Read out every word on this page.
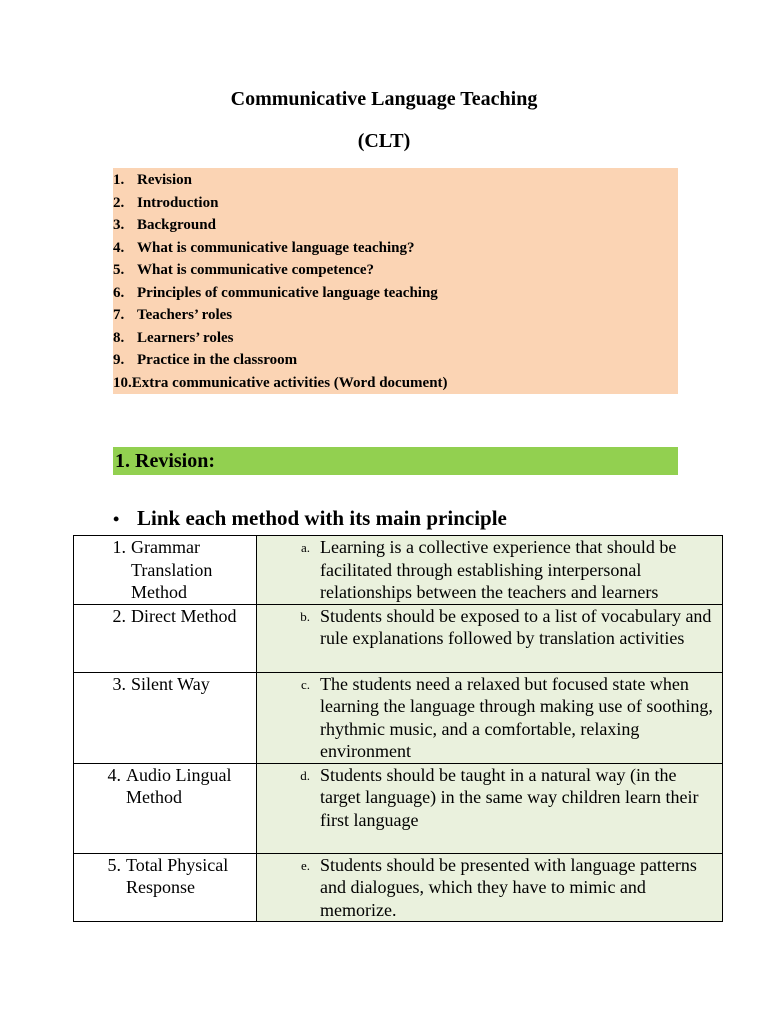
Communicative Language Teaching
(CLT)
1. Revision
2. Introduction
3. Background
4. What is communicative language teaching?
5. What is communicative competence?
6. Principles of communicative language teaching
7. Teachers’ roles
8. Learners’ roles
9. Practice in the classroom
10.Extra communicative activities (Word document)
1. Revision:
• Link each method with its main principle
1. Grammar Translation Method	a. Learning is a collective experience that should be facilitated through establishing interpersonal relationships between the teachers and learners

2. Direct Method	b. Students should be exposed to a list of vocabulary and rule explanations followed by translation activities

3. Silent Way	c. The students need a relaxed but focused state when learning the language through making use of soothing, rhythmic music, and a comfortable, relaxing environment

4. Audio Lingual Method	d. Students should be taught in a natural way (in the target language) in the same way children learn their first language

5. Total Physical Response	e. Students should be presented with language patterns and dialogues, which they have to mimic and memorize.
